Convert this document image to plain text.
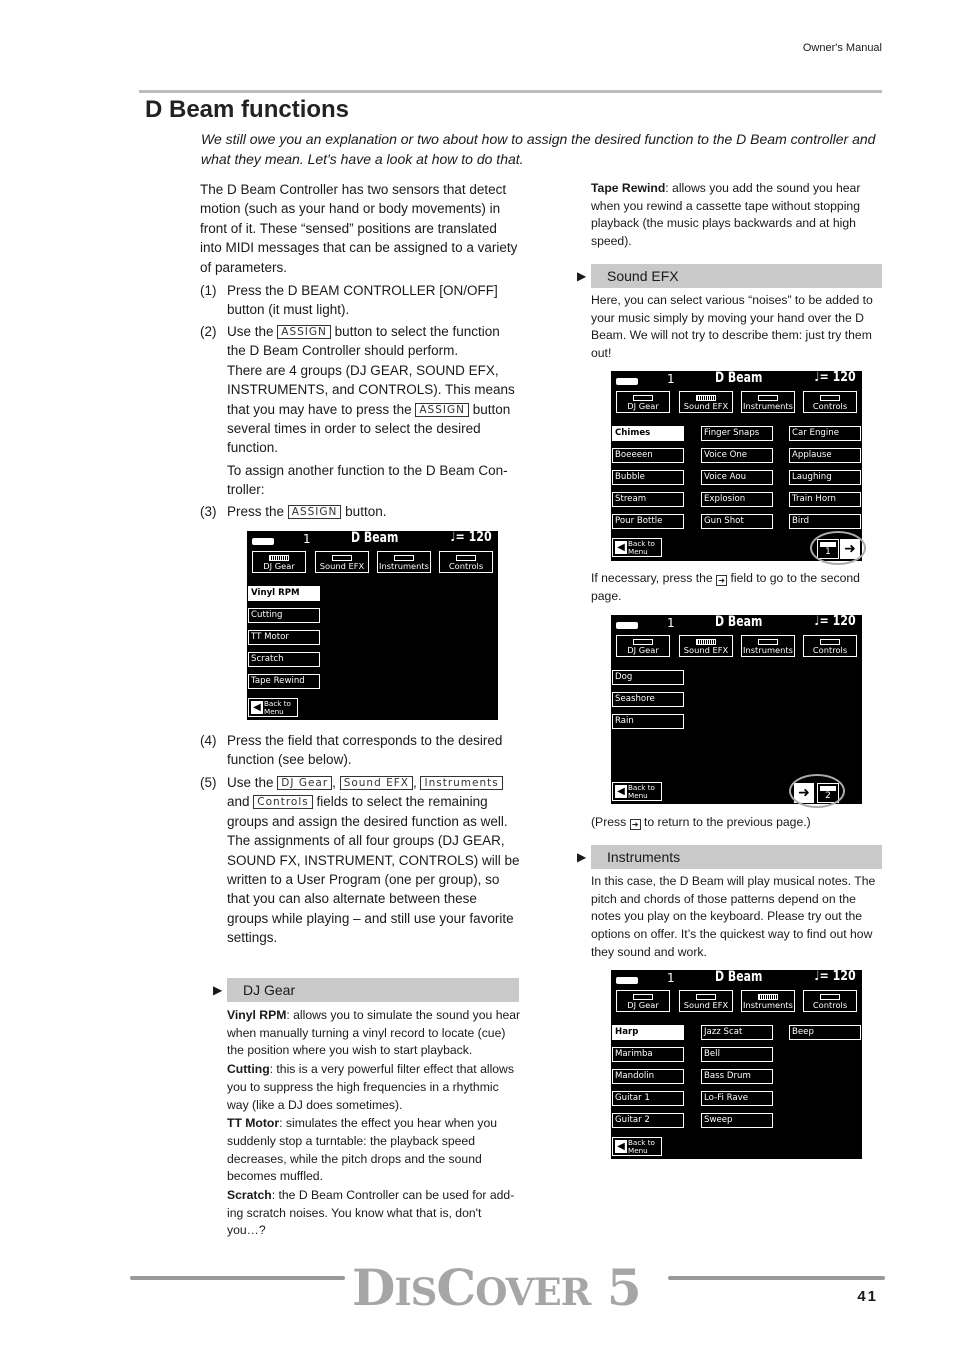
Owner's Manual
D Beam functions
We still owe you an explanation or two about how to assign the desired function to the D Beam controller and what they mean. Let's have a look at how to do that.
The D Beam Controller has two sensors that detect motion (such as your hand or body movements) in front of it. These “sensed” positions are translated into MIDI messages that can be assigned to a variety of parameters.
(1) Press the D BEAM CONTROLLER [ON/OFF] button (it must light).
(2) Use the ASSIGN button to select the function the D Beam Controller should perform.
There are 4 groups (DJ GEAR, SOUND EFX, INSTRUMENTS, and CONTROLS). This means that you may have to press the ASSIGN button several times in order to select the desired function.
To assign another function to the D Beam Controller:
(3) Press the ASSIGN button.
1	D Beam	♩= 120
DJ Gear	Sound EFX	Instruments	Controls
Vinyl RPM
Cutting
TT Motor
Scratch
Tape Rewind
◀ Back to
Menu
(4) Press the field that corresponds to the desired function (see below).
(5) Use the DJ Gear , Sound EFX , Instruments and Controls fields to select the remaining groups and assign the desired function as well.
The assignments of all four groups (DJ GEAR, SOUND FX, INSTRUMENT, CONTROLS) will be written to a User Program (one per group), so that you can also alternate between these groups while playing – and still use your favorite settings.
▶ DJ Gear

Vinyl RPM: allows you to simulate the sound you hear when manually turning a vinyl record to locate (cue) the position where you wish to start playback.

Cutting: this is a very powerful filter effect that allows you to suppress the high frequencies in a rhythmic way (like a DJ does sometimes).

TT Motor: simulates the effect you hear when you suddenly stop a turntable: the playback speed decreases, while the pitch drops and the sound becomes muffled.

Scratch: the D Beam Controller can be used for adding scratch noises. You know what that is, don't you…?

Tape Rewind: allows you add the sound you hear when you rewind a cassette tape without stopping playback (the music plays backwards and at high speed).
▶ Sound EFX
Here, you can select various “noises” to be added to your music simply by moving your hand over the D Beam. We will not try to describe them: just try them out!
1	D Beam	♩= 120
DJ Gear	Sound EFX	Instruments	Controls
Chimes
Boeeeen
Bubble
Stream
Pour Bottle
Finger Snaps
Voice One
Voice Aou
Explosion
Gun Shot
Car Engine
Applause
Laughing
Train Horn
Bird
◀ Back to
Menu	1 ➜
If necessary, press the ➜ field to go to the second page.
1	D Beam	♩= 120
DJ Gear	Sound EFX	Instruments	Controls
Dog
Seashore
Rain
◀ Back to
Menu	➜	2
(Press ➜ to return to the previous page.)
▶ Instruments
In this case, the D Beam will play musical notes. The pitch and chords of those patterns depend on the notes you play on the keyboard. Please try out the options on offer. It’s the quickest way to find out how they sound and work.
1	D Beam	♩= 120
DJ Gear	Sound EFX	Instruments	Controls
Harp
Marimba
Mandolin
Guitar 1
Guitar 2
Jazz Scat
Bell
Bass Drum
Lo-Fi Rave
Sweep
Beep
◀ Back to
Menu
DISCOVER 5	41
